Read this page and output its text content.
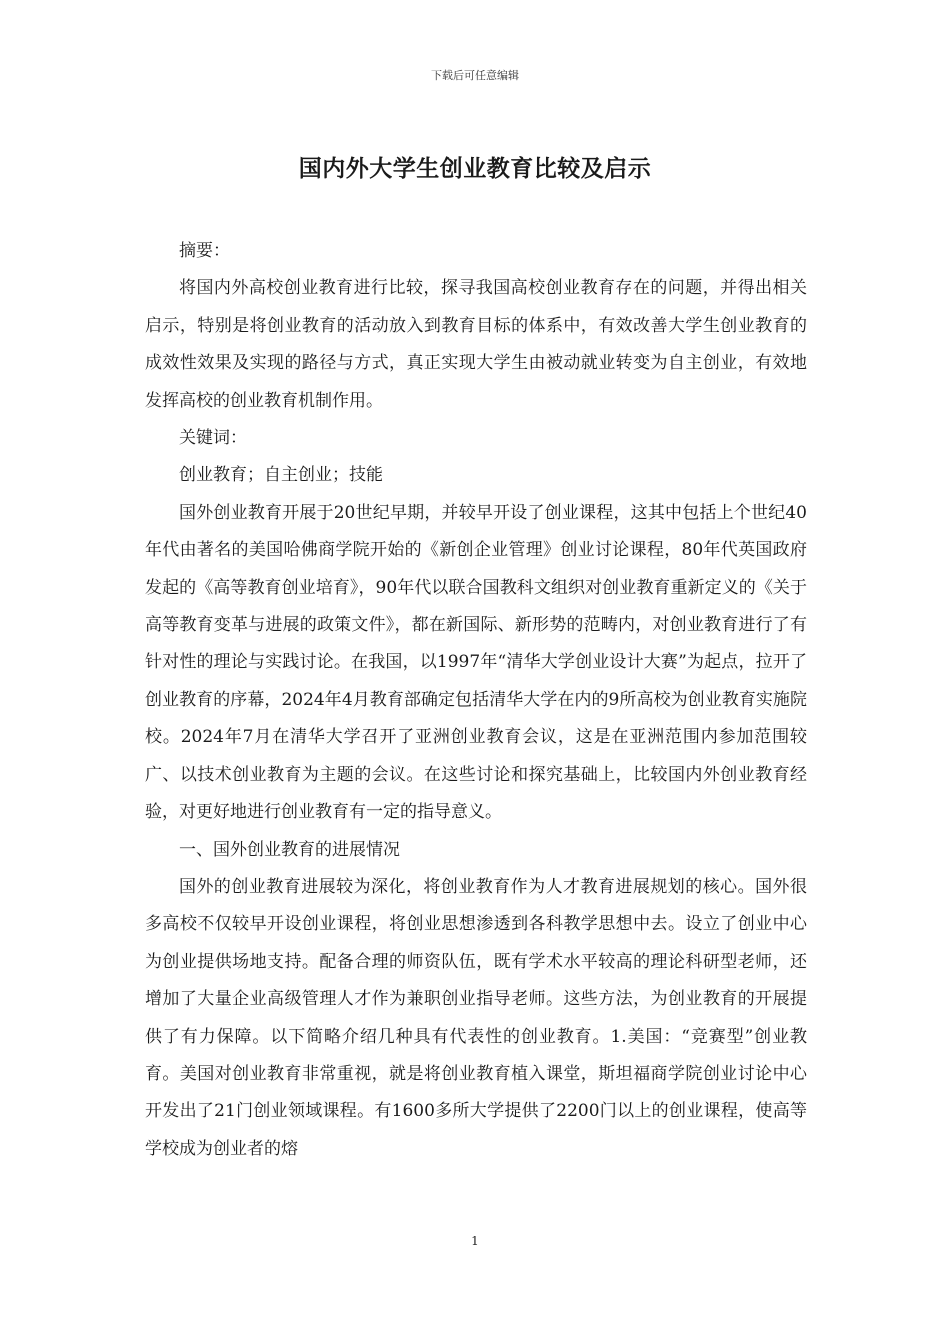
下载后可任意编辑
国内外大学生创业教育比较及启示

摘要：

将国内外高校创业教育进行比较，探寻我国高校创业教育存在的问题，并得出相关启示，特别是将创业教育的活动放入到教育目标的体系中，有效改善大学生创业教育的成效性效果及实现的路径与方式，真正实现大学生由被动就业转变为自主创业，有效地发挥高校的创业教育机制作用。

关键词：

创业教育；自主创业；技能

国外创业教育开展于20世纪早期，并较早开设了创业课程，这其中包括上个世纪40年代由著名的美国哈佛商学院开始的《新创企业管理》创业讨论课程，80年代英国政府发起的《高等教育创业培育》，90年代以联合国教科文组织对创业教育重新定义的《关于高等教育变革与进展的政策文件》，都在新国际、新形势的范畴内，对创业教育进行了有针对性的理论与实践讨论。在我国，以1997年“清华大学创业设计大赛”为起点，拉开了创业教育的序幕，2024年4月教育部确定包括清华大学在内的9所高校为创业教育实施院校。2024年7月在清华大学召开了亚洲创业教育会议，这是在亚洲范围内参加范围较广、以技术创业教育为主题的会议。在这些讨论和探究基础上，比较国内外创业教育经验，对更好地进行创业教育有一定的指导意义。

一、国外创业教育的进展情况

国外的创业教育进展较为深化，将创业教育作为人才教育进展规划的核心。国外很多高校不仅较早开设创业课程，将创业思想渗透到各科教学思想中去。设立了创业中心为创业提供场地支持。配备合理的师资队伍，既有学术水平较高的理论科研型老师，还增加了大量企业高级管理人才作为兼职创业指导老师。这些方法，为创业教育的开展提供了有力保障。以下简略介绍几种具有代表性的创业教育。1.美国：“竞赛型”创业教育。美国对创业教育非常重视，就是将创业教育植入课堂，斯坦福商学院创业讨论中心开发出了21门创业领域课程。有1600多所大学提供了2200门以上的创业课程，使高等学校成为创业者的熔

1
